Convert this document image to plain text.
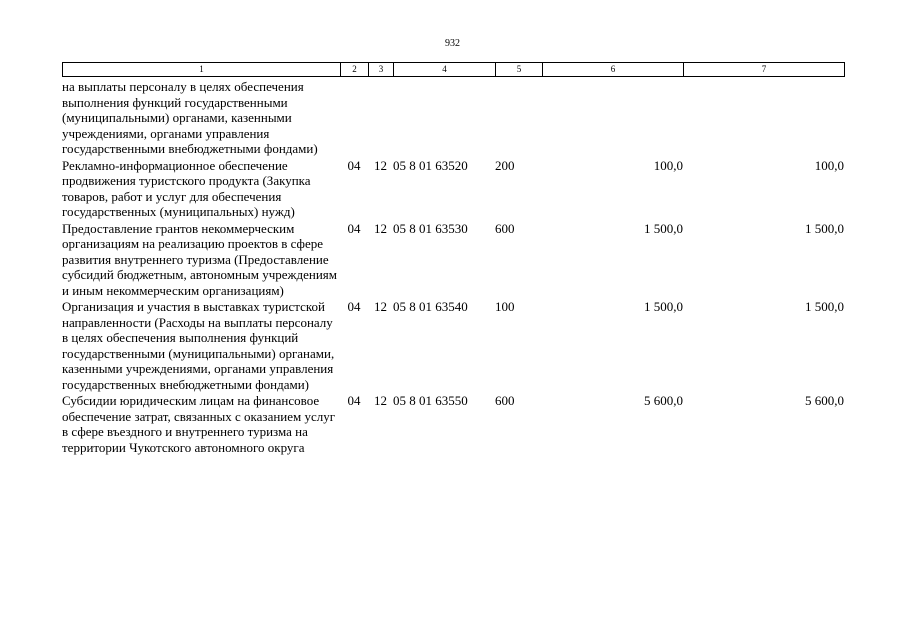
932
1	2	3	4	5	6	7
на выплаты персоналу в целях обеспечения выполнения функций государственными (муниципальными) органами, казенными учреждениями, органами управления государственными внебюджетными фондами)						
Рекламно-информационное обеспечение продвижения туристского продукта (Закупка товаров, работ и услуг для обеспечения государственных (муниципальных) нужд)	04	12	05 8 01 63520	200	100,0	100,0
Предоставление грантов некоммерческим организациям на реализацию проектов в сфере развития внутреннего туризма (Предоставление субсидий бюджетным, автономным учреждениям и иным некоммерческим организациям)	04	12	05 8 01 63530	600	1 500,0	1 500,0
Организация и участия в выставках туристской направленности (Расходы на выплаты персоналу в целях обеспечения выполнения функций государственными (муниципальными) органами, казенными учреждениями, органами управления государственных внебюджетными фондами)	04	12	05 8 01 63540	100	1 500,0	1 500,0
Субсидии юридическим лицам на финансовое обеспечение затрат, связанных с оказанием услуг в сфере въездного и внутреннего туризма на территории Чукотского автономного округа	04	12	05 8 01 63550	600	5 600,0	5 600,0
